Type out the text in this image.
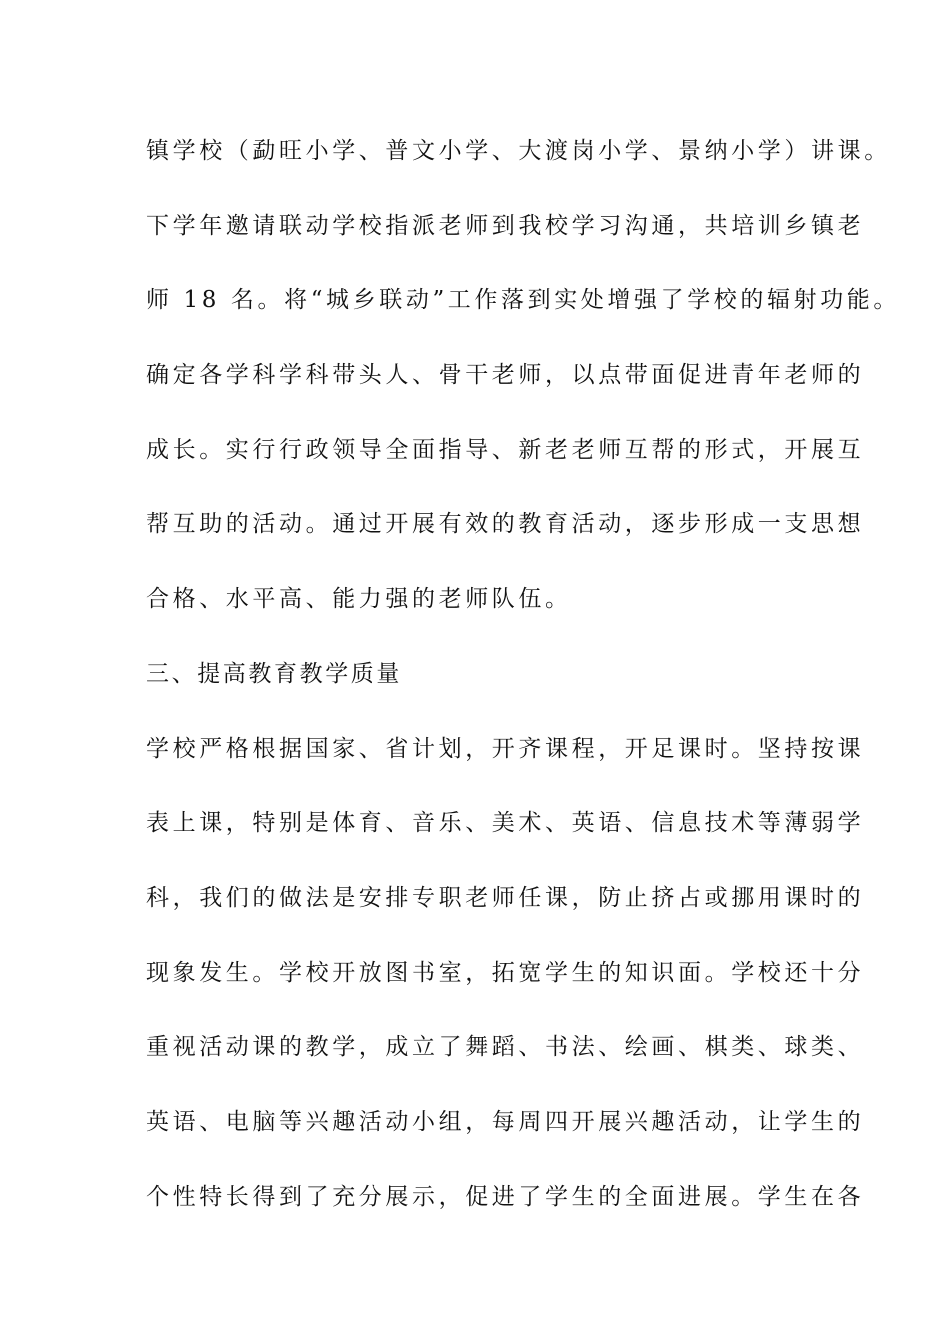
镇学校（勐旺小学、普文小学、大渡岗小学、景纳小学）讲课。
下学年邀请联动学校指派老师到我校学习沟通，共培训乡镇老
师 18 名。将“城乡联动”工作落到实处增强了学校的辐射功能。
确定各学科学科带头人、骨干老师，以点带面促进青年老师的
成长。实行行政领导全面指导、新老老师互帮的形式，开展互
帮互助的活动。通过开展有效的教育活动，逐步形成一支思想
合格、水平高、能力强的老师队伍。
三、提高教育教学质量
学校严格根据国家、省计划，开齐课程，开足课时。坚持按课
表上课，特别是体育、音乐、美术、英语、信息技术等薄弱学
科，我们的做法是安排专职老师任课，防止挤占或挪用课时的
现象发生。学校开放图书室，拓宽学生的知识面。学校还十分
重视活动课的教学，成立了舞蹈、书法、绘画、棋类、球类、
英语、电脑等兴趣活动小组，每周四开展兴趣活动，让学生的
个性特长得到了充分展示，促进了学生的全面进展。学生在各
